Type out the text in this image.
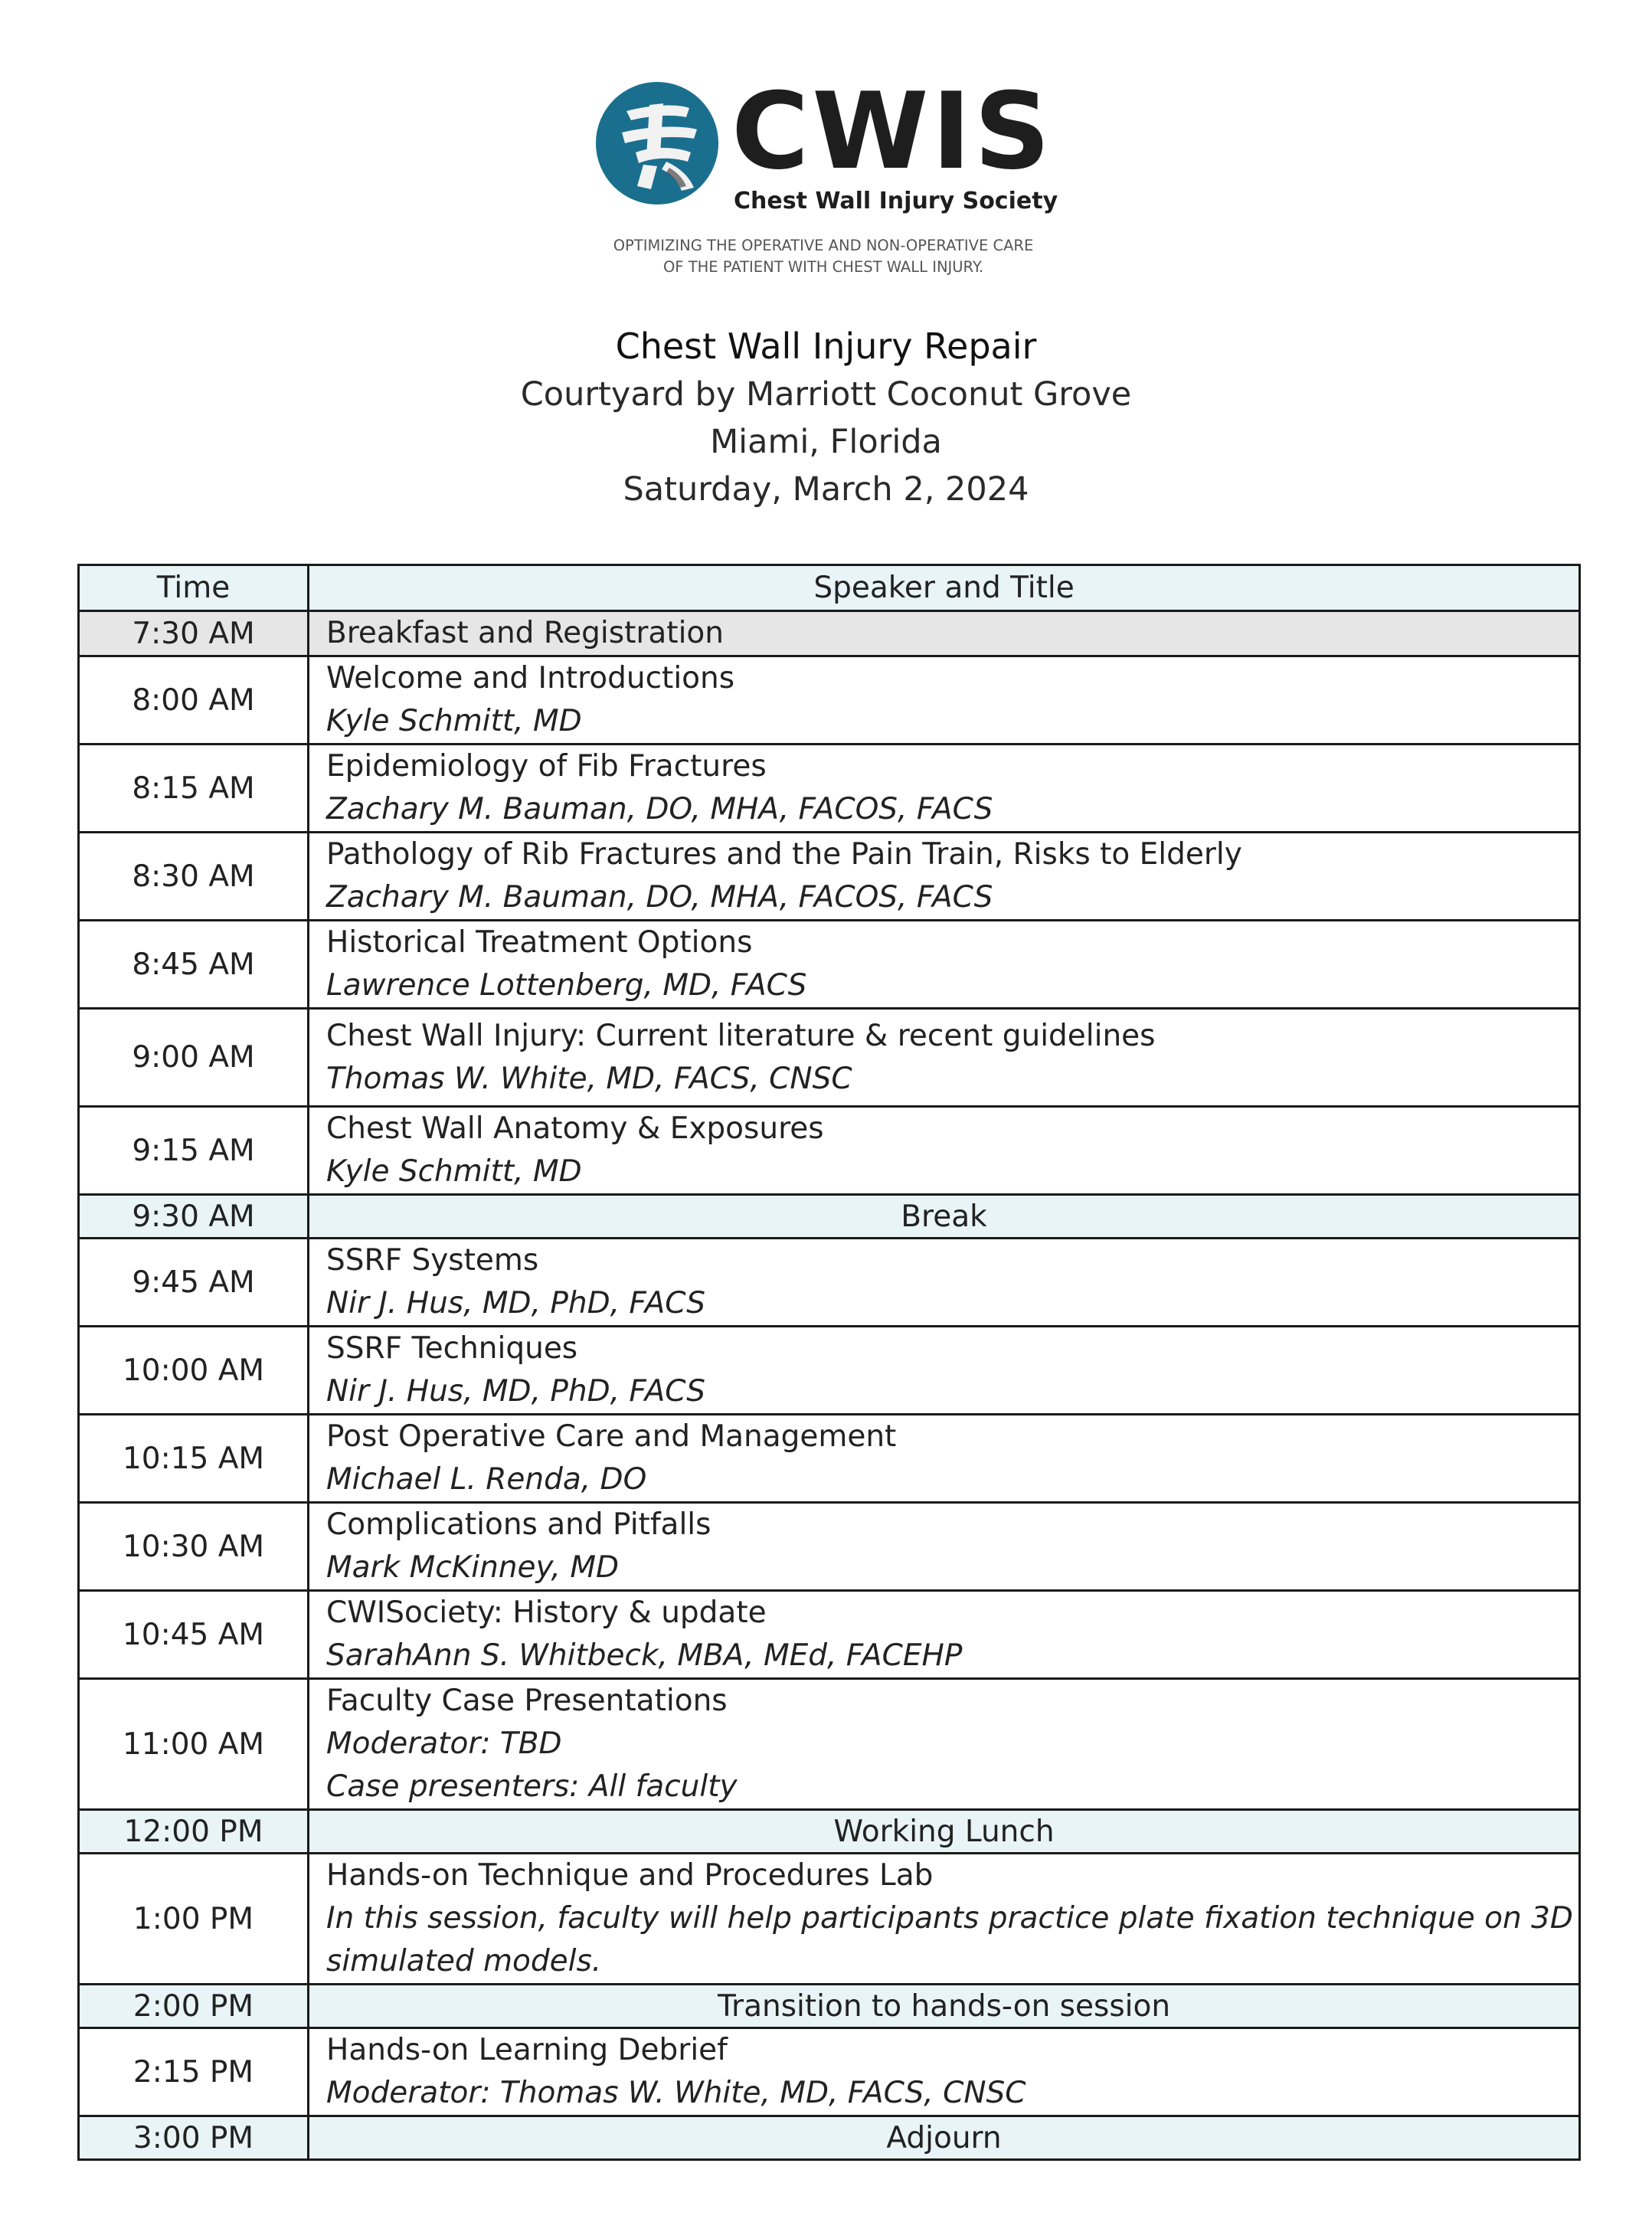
CWIS
Chest Wall Injury Society
OPTIMIZING THE OPERATIVE AND NON-OPERATIVE CARE
OF THE PATIENT WITH CHEST WALL INJURY.
Chest Wall Injury Repair
Courtyard by Marriott Coconut Grove
Miami, Florida
Saturday, March 2, 2024
Time	Speaker and Title
7:30 AM	Breakfast and Registration

8:00 AM	Welcome and Introductions
Kyle Schmitt, MD

8:15 AM	Epidemiology of Fib Fractures
Zachary M. Bauman, DO, MHA, FACOS, FACS

8:30 AM	Pathology of Rib Fractures and the Pain Train, Risks to Elderly
Zachary M. Bauman, DO, MHA, FACOS, FACS

8:45 AM	Historical Treatment Options
Lawrence Lottenberg, MD, FACS

9:00 AM	Chest Wall Injury: Current literature & recent guidelines
Thomas W. White, MD, FACS, CNSC

9:15 AM	Chest Wall Anatomy & Exposures
Kyle Schmitt, MD

9:30 AM	Break
9:45 AM	SSRF Systems
Nir J. Hus, MD, PhD, FACS

10:00 AM	SSRF Techniques
Nir J. Hus, MD, PhD, FACS

10:15 AM	Post Operative Care and Management
Michael L. Renda, DO

10:30 AM	Complications and Pitfalls
Mark McKinney, MD

10:45 AM	CWISociety: History & update
SarahAnn S. Whitbeck, MBA, MEd, FACEHP

11:00 AM	Faculty Case Presentations
Moderator: TBD
Case presenters: All faculty

12:00 PM	Working Lunch
1:00 PM	Hands-on Technique and Procedures Lab
In this session, faculty will help participants practice plate fixation technique on 3D
simulated models.

2:00 PM	Transition to hands-on session
2:15 PM	Hands-on Learning Debrief
Moderator: Thomas W. White, MD, FACS, CNSC

3:00 PM	Adjourn
